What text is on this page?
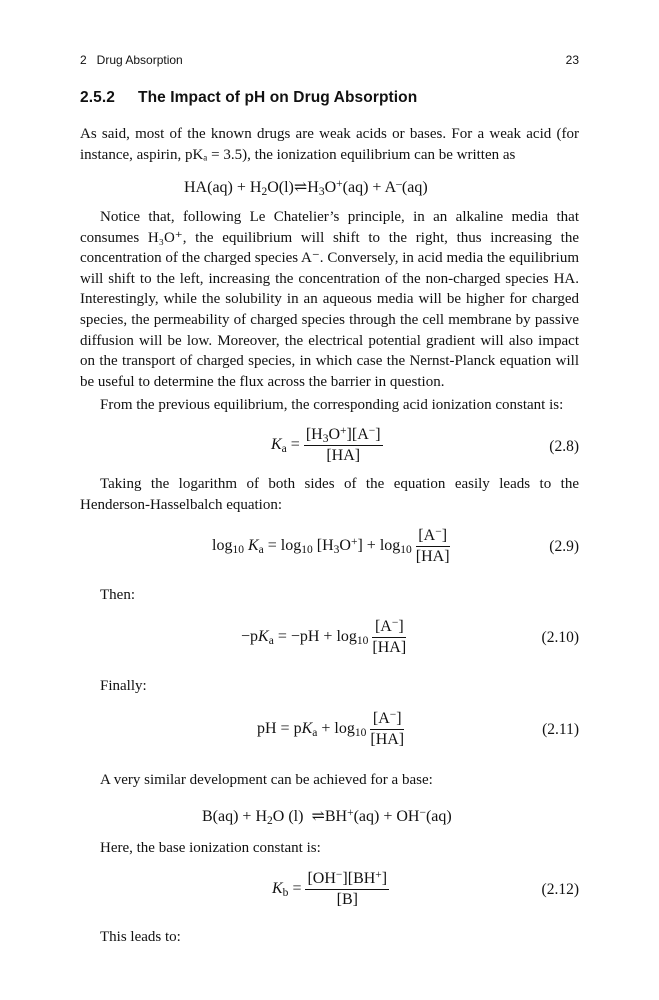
2   Drug Absorption	23
2.5.2 The Impact of pH on Drug Absorption

As said, most of the known drugs are weak acids or bases. For a weak acid (for instance, aspirin, pKₐ = 3.5), the ionization equilibrium can be written as

$HA(aq) + H_2O(l)\rightleftharpoons H_3O^+(aq) + A^-(aq)$

Notice that, following Le Chatelier’s principle, in an alkaline media that consumes H₃O⁺, the equilibrium will shift to the right, thus increasing the concentration of the charged species A⁻. Conversely, in acid media the equilibrium will shift to the left, increasing the concentration of the non-charged species HA. Interestingly, while the solubility in an aqueous media will be higher for charged species, the permeability of charged species through the cell membrane by passive diffusion will be low. Moreover, the electrical potential gradient will also impact on the transport of charged species, in which case the Nernst-Planck equation will be useful to determine the flux across the barrier in question.

From the previous equilibrium, the corresponding acid ionization constant is:

$K_a = \frac{[H_3O^+][A^-]}{[HA]}$	(2.8)

Taking the logarithm of both sides of the equation easily leads to the Henderson-Hasselbalch equation:

$\log_{10} K_a = \log_{10} [H_3O^+] + \log_{10} \frac{[A^-]}{[HA]}$	(2.9)

Then:

$-pK_a = -pH + \log_{10} \frac{[A^-]}{[HA]}$	(2.10)

Finally:

pH = $pK_a + \log_{10} \frac{[A^-]}{[HA]}$	(2.11)

A very similar development can be achieved for a base:

$B(aq) + H_2O$ (l)  ⇌BH+(aq) + OH−(aq)

Here, the base ionization constant is:

$K_b = \frac{[OH^-][BH^+]}{[B]}$	(2.12)

This leads to:
